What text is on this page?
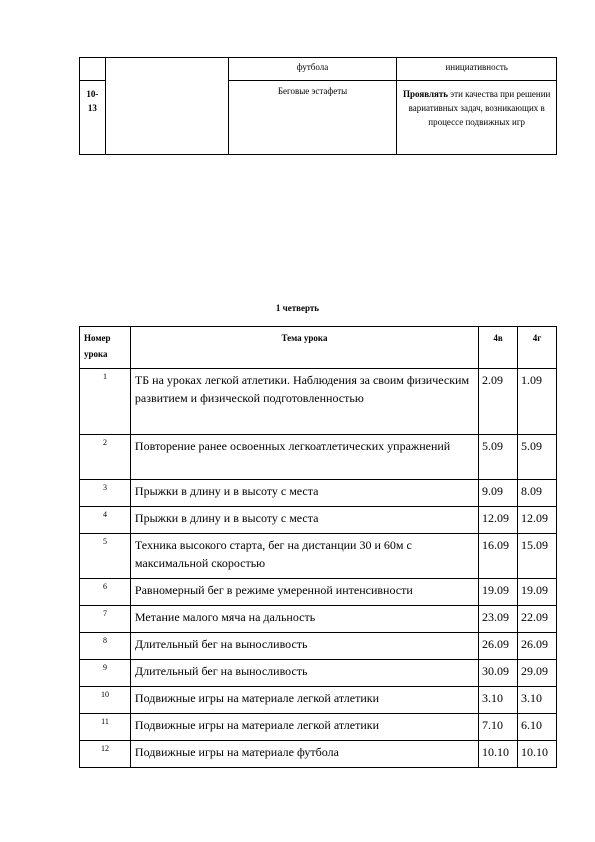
		футбола	инициативность
10-
13		Беговые эстафеты	Проявлять эти качества при решении вариативных задач, возникающих в процессе подвижных игр
1 четверть
Номер урока	Тема урока	4в	4г
1	ТБ на уроках легкой атлетики. Наблюдения за своим физическим развитием и физической подготовленностью	2.09	1.09
2	Повторение ранее освоенных легкоатлетических упражнений	5.09	5.09
3	Прыжки в длину и в высоту с места	9.09	8.09
4	Прыжки в длину и в высоту с места	12.09	12.09
5	Техника высокого старта, бег на дистанции 30 и 60м с максимальной скоростью	16.09	15.09
6	Равномерный бег в режиме умеренной интенсивности	19.09	19.09
7	Метание малого мяча на дальность	23.09	22.09
8	Длительный бег на выносливость	26.09	26.09
9	Длительный бег на выносливость	30.09	29.09
10	Подвижные игры на материале легкой атлетики	3.10	3.10
11	Подвижные игры на материале легкой атлетики	7.10	6.10
12	Подвижные игры на материале футбола	10.10	10.10
